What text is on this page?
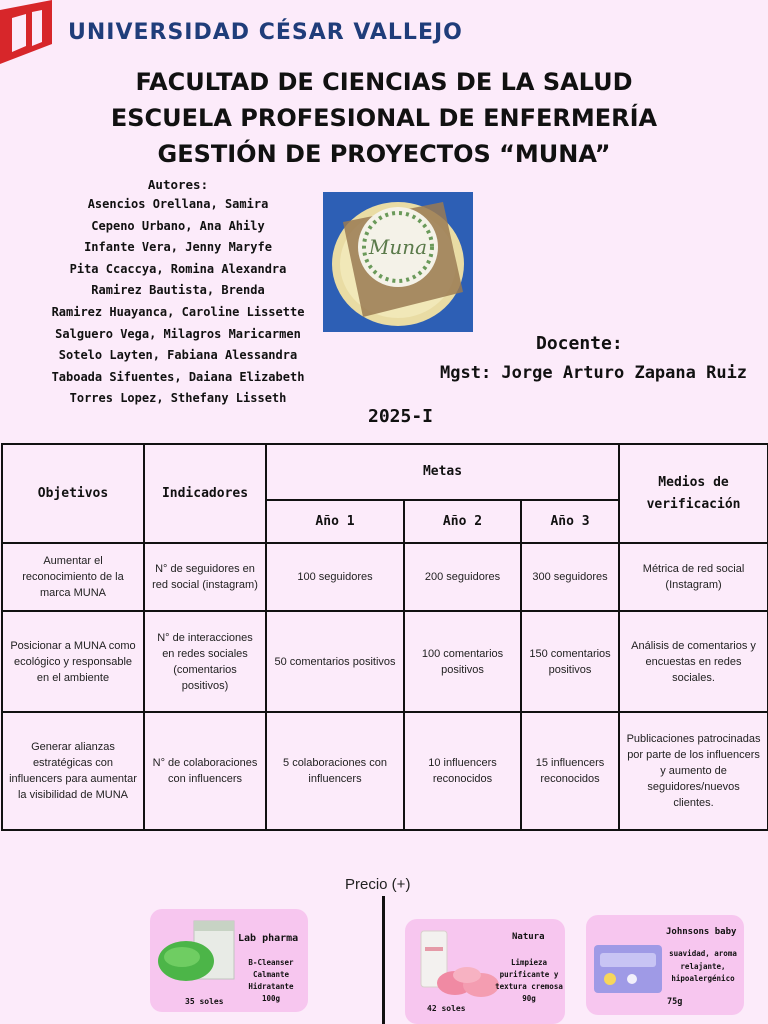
UNIVERSIDAD CÉSAR VALLEJO
FACULTAD DE CIENCIAS DE LA SALUD
ESCUELA PROFESIONAL DE ENFERMERÍA
GESTIÓN DE PROYECTOS “MUNA”
Autores:
Asencios Orellana, Samira
Cepeno Urbano, Ana Ahily
Infante Vera, Jenny Maryfe
Pita Ccaccya, Romina Alexandra
Ramirez Bautista, Brenda
Ramirez Huayanca, Caroline Lissette
Salguero Vega, Milagros Maricarmen
Sotelo Layten, Fabiana Alessandra
Taboada Sifuentes, Daiana Elizabeth
Torres Lopez, Sthefany Lisseth
Muna
Docente:
Mgst: Jorge Arturo Zapana Ruiz
2025-I
Objetivos	Indicadores	Metas			Medios de verificación
		Año 1	Año 2	Año 3	
Aumentar el reconocimiento de la marca MUNA	N° de seguidores en red social (instagram)	100 seguidores	200 seguidores	300 seguidores	Métrica de red social (Instagram)
Posicionar a MUNA como ecológico y responsable en el ambiente	N° de interacciones en redes sociales (comentarios positivos)	50 comentarios positivos	100 comentarios positivos	150 comentarios positivos	Análisis de comentarios y encuestas en redes sociales.
Generar alianzas estratégicas con influencers para aumentar la visibilidad de MUNA	N° de colaboraciones con influencers	5 colaboraciones con influencers	10 influencers reconocidos	15 influencers reconocidos	Publicaciones patrocinadas por parte de los influencers y aumento de seguidores/nuevos clientes.
Precio (+)
Lab pharma
B-Cleanser
Calmante
Hidratante 100g
35 soles
Natura
Limpieza
purificante y
textura cremosa
90g
42 soles
Johnsons baby
suavidad, aroma
relajante,
hipoalergénico
75g
